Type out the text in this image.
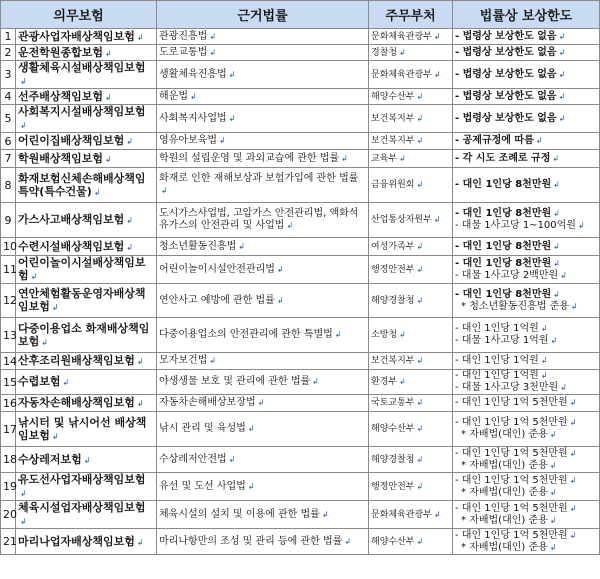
의무보험		근거법률	주무부처	법률상 보상한도
1	관광사업자배상책임보험 ↲	관광진흥법 ↲	문화체육관광부 ↲	- 법령상 보상한도 없음 ↲

2	운전학원종합보험 ↲	도로교통법 ↲	경찰청 ↲	- 법령상 보상한도 없음 ↲

3	생활체육시설배상책임보험↲	생활체육진흥법 ↲	문화체육관광부 ↲	- 법령상 보상한도 없음 ↲

4	선주배상책임보험 ↲	해운법 ↲	해양수산부 ↲	- 법령상 보상한도 없음 ↲

5	사회복지시설배상책임보험↲	사회복지사업법 ↲	보건복지부 ↲	- 법령상 보상한도 없음 ↲

6	어린이집배상책임보험 ↲	영유아보육법 ↲	보건복지부 ↲	- 공제규정에 따름 ↲

7	학원배상책임보험 ↲	학원의 설립운영 및 과외교습에 관한 법률 ↲	교육부 ↲	- 각 시도 조례로 규정 ↲

8	화재보험신체손해배상책임특약(특수건물) ↲	화재로 인한 재해보상과 보험가입에 관한 법률↲	금융위원회 ↲	- 대인 1인당 8천만원 ↲

9	가스사고배상책임보험 ↲	도시가스사업법, 고압가스 안전관리법, 액화석유가스의 안전관리 및 사업법 ↲	산업통상자원부 ↲	- 대인 1인당 8천만원 ↲
- 대물 1사고당 1~100억원 ↲

10	수련시설배상책임보험 ↲	청소년활동진흥법 ↲	여성가족부 ↲	- 대인 1인당 8천만원 ↲

11	어린이놀이시설배상책임보험 ↲	어린이놀이시설안전관리법 ↲	행정안전부 ↲	- 대인 1인당 8천만원 ↲
- 대물 1사고당 2백만원 ↲

12	연안체험활동운영자배상책임보험 ↲	연안사고 예방에 관한 법률 ↲	해양경찰청 ↲	- 대인 1인당 8천만원 ↲
* 청소년활동진흥법 준용 ↲

13	다중이용업소 화재배상책임보험 ↲	다중이용업소의 안전관리에 관한 특별법 ↲	소방청 ↲	- 대인 1인당 1억원 ↲
- 대물 1사고당 1억원 ↲

14	산후조리원배상책임보험 ↲	모자보건법 ↲	보건복지부 ↲	- 대인 1인당 1억원 ↲

15	수렵보험 ↲	야생생물 보호 및 관리에 관한 법률 ↲	환경부 ↲	- 대인 1인당 1억원 ↲
- 대물 1사고당 3천만원 ↲

16	자동차손해배상책임보험 ↲	자동차손해배상보장법 ↲	국토교통부 ↲	- 대인 1인당 1억 5천만원 ↲

17	낚시터 및 낚시어선 배상책임보험 ↲	낚시 관리 및 육성법 ↲	해양수산부 ↲	- 대인 1인당 1억 5천만원 ↲
* 자배법(대인) 준용 ↲

18	수상레저보험 ↲	수상레저안전법 ↲	해양경찰청 ↲	- 대인 1인당 1억 5천만원 ↲
* 자배법(대인) 준용 ↲

19	유도선사업자배상책임보험↲	유선 및 도선 사업법 ↲	행정안전부 ↲	- 대인 1인당 1억 5천만원 ↲
* 자배법(대인) 준용 ↲

20	체육시설업자배상책임보험↲	체육시설의 설치 및 이용에 관한 법률 ↲	문화체육관광부 ↲	- 대인 1인당 1억 5천만원 ↲
* 자배법(대인) 준용 ↲

21	마리나업자배상책임보험 ↲	마리나항만의 조성 및 관리 등에 관한 법률 ↲	해양수산부 ↲	- 대인 1인당 1억 5천만원 ↲
* 자배법(대인) 준용 ↲
